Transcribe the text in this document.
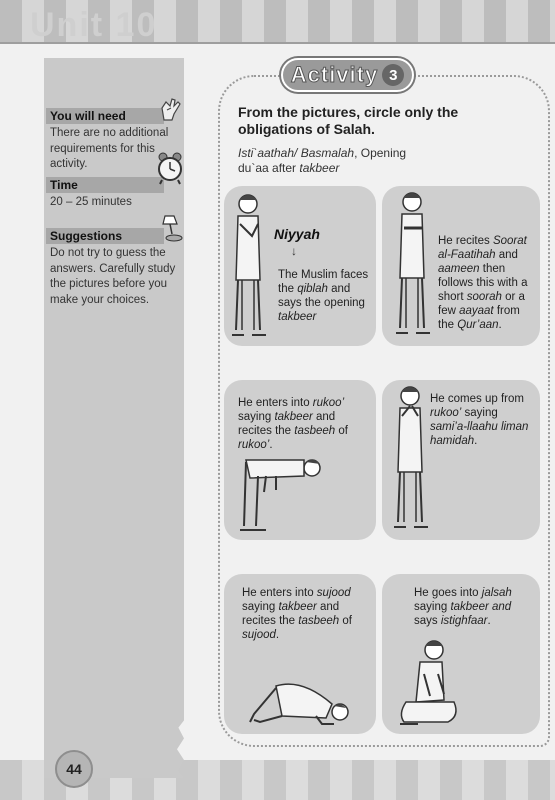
Unit 10
44
You will need
There are no additional requirements for this activity.
Time
20 – 25 minutes
Suggestions
Do not try to guess the answers. Carefully study the pictures before you make your choices.
Activity 3
From the pictures, circle only the obligations of Salah.
Isti`aathah/ Basmalah, Opening du`aa after takbeer
Niyyah
↓
The Muslim faces the qiblah and says the opening takbeer
He recites Soorat al-Faatihah and aameen then follows this with a short soorah or a few aayaat from the Qur’aan.
He enters into rukoo’ saying takbeer and recites the tasbeeh of rukoo’.
He comes up from rukoo’ saying sami’a-llaahu liman hamidah.
He enters into sujood saying takbeer and recites the tasbeeh of sujood.
He goes into jalsah saying takbeer and says istighfaar.
